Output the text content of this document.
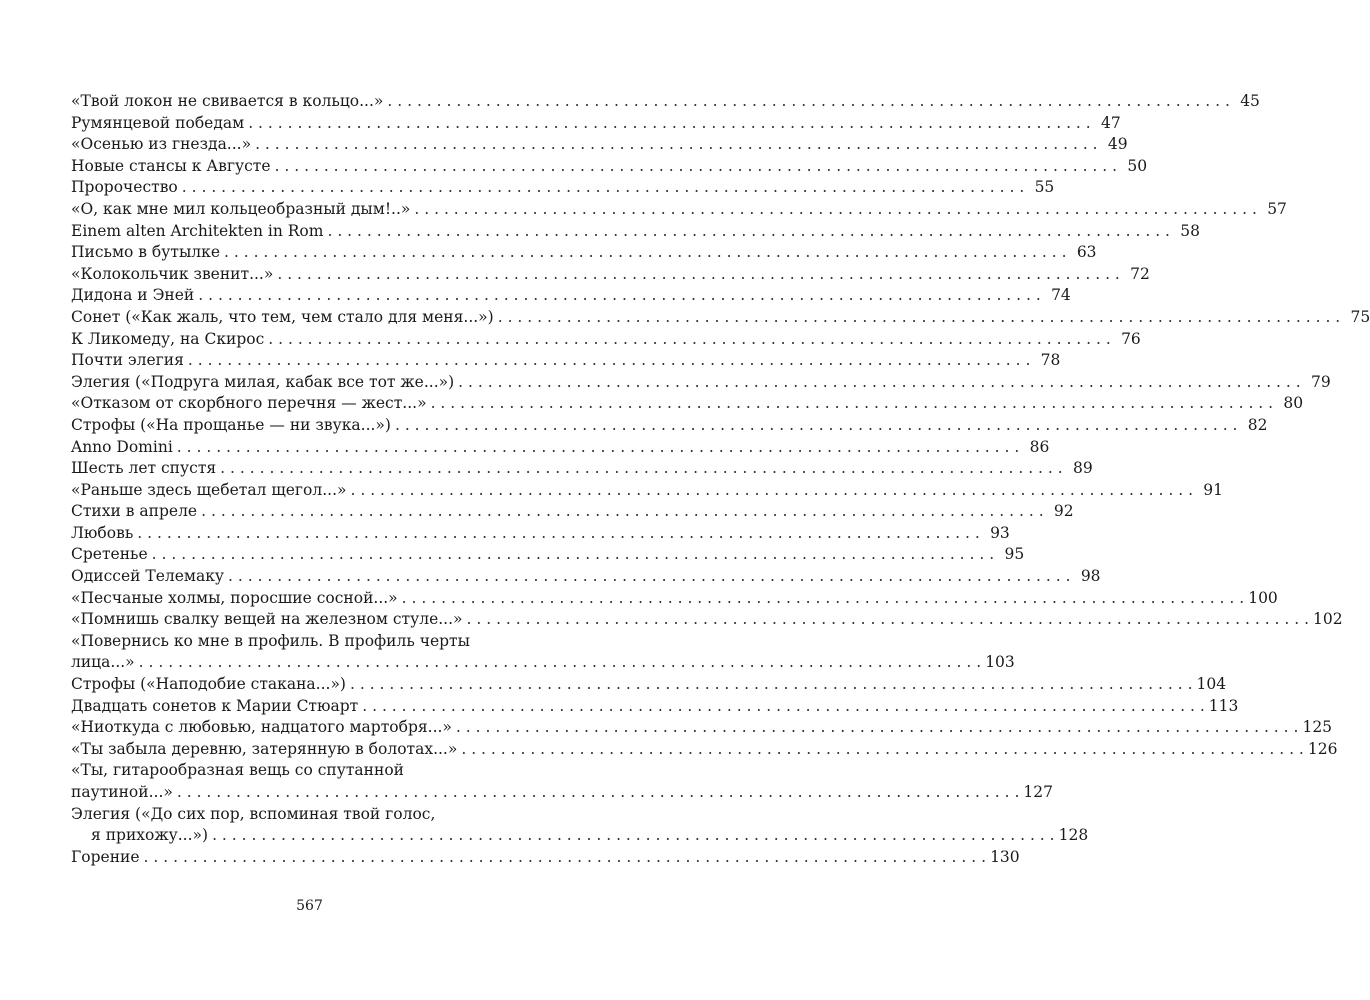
«Твой локон не свивается в кольцо...» . . .	45
Румянцевой победам . . .	47
«Осенью из гнезда...» . . .	49
Новые стансы к Августе . . .	50
Пророчество . . .	55
«О, как мне мил кольцеобразный дым!..» . . .	57
Einem alten Architekten in Rom . . .	58
Письмо в бутылке . . .	63
«Колокольчик звенит...» . . .	72
Дидона и Эней . . .	74
Сонет («Как жаль, что тем, чем стало для меня...») . . .	75
К Ликомеду, на Скирос . . .	76
Почти элегия . . .	78
Элегия («Подруга милая, кабак все тот же...») . . .	79
«Отказом от скорбного перечня — жест...» . . .	80
Строфы («На прощанье — ни звука...») . . .	82
Anno Domini . . .	86
Шесть лет спустя . . .	89
«Раньше здесь щебетал щегол...» . . .	91
Стихи в апреле . . .	92
Любовь . . .	93
Сретенье . . .	95
Одиссей Телемаку . . .	98
«Песчаные холмы, поросшие сосной...» . . .	100
«Помнишь свалку вещей на железном стуле...» . . .	102
«Повернись ко мне в профиль. В профиль черты
лица...» . . .	103
Строфы («Наподобие стакана...») . . .	104
Двадцать сонетов к Марии Стюарт . . .	113
«Ниоткуда с любовью, надцатого мартобря...» . . .	125
«Ты забыла деревню, затерянную в болотах...» . . .	126
«Ты, гитарообразная вещь со спутанной
паутиной...» . . .	127
Элегия («До сих пор, вспоминая твой голос,
я прихожу...») . . .	128
Горение . . .	130
567
